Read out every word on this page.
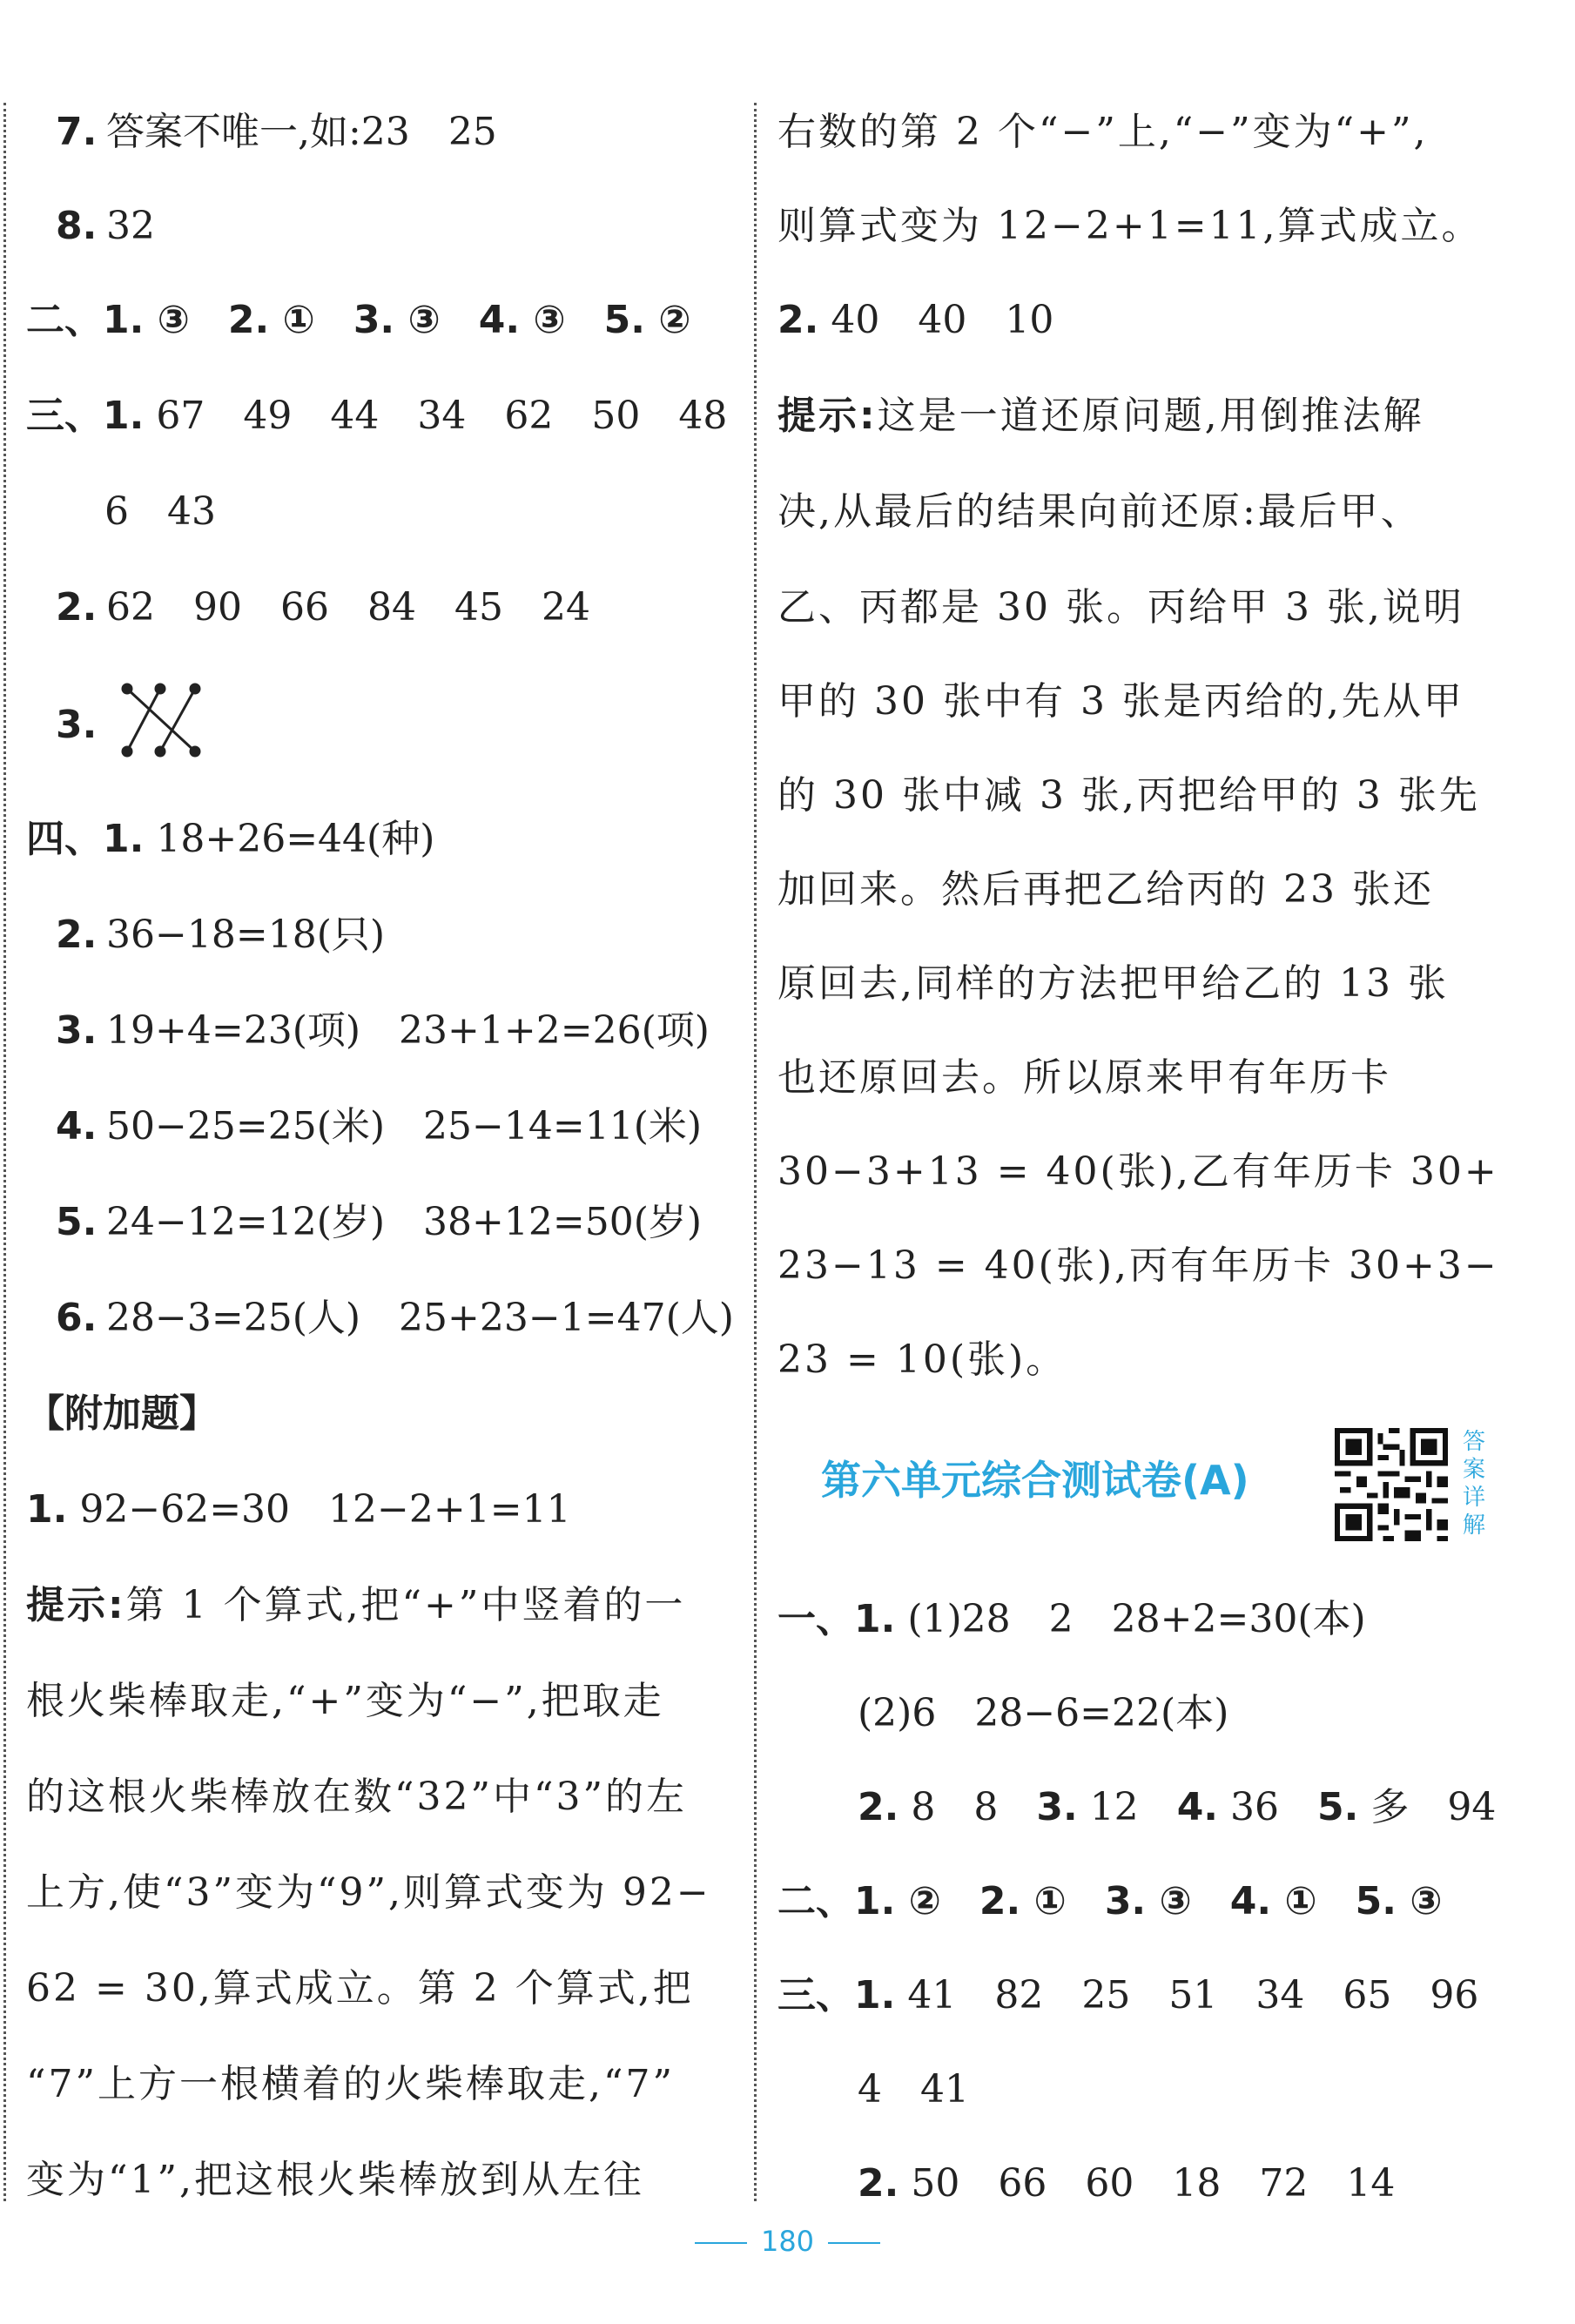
7. 答案不唯一,如:23 25
8. 32
二、1. ③ 2. ① 3. ③ 4. ③ 5. ②
三、1. 67 49 44 34 62 50 48
6 43
2. 62 90 66 84 45 24
3.
四、1. 18+26=44(种)
2. 36−18=18(只)
3. 19+4=23(项) 23+1+2=26(项)
4. 50−25=25(米) 25−14=11(米)
5. 24−12=12(岁) 38+12=50(岁)
6. 28−3=25(人) 25+23−1=47(人)
【附加题】
1. 92−62=30 12−2+1=11
提示:第 1 个算式,把“+”中竖着的一
根火柴棒取走,“+”变为“−”,把取走
的这根火柴棒放在数“32”中“3”的左
上方,使“3”变为“9”,则算式变为 92−
62 = 30,算式成立。第 2 个算式,把
“7”上方一根横着的火柴棒取走,“7”
变为“1”,把这根火柴棒放到从左往
右数的第 2 个“−”上,“−”变为“+”,
则算式变为 12−2+1=11,算式成立。
2. 40 40 10
提示:这是一道还原问题,用倒推法解
决,从最后的结果向前还原:最后甲、
乙、丙都是 30 张。丙给甲 3 张,说明
甲的 30 张中有 3 张是丙给的,先从甲
的 30 张中减 3 张,丙把给甲的 3 张先
加回来。然后再把乙给丙的 23 张还
原回去,同样的方法把甲给乙的 13 张
也还原回去。所以原来甲有年历卡
30−3+13 = 40(张),乙有年历卡 30+
23−13 = 40(张),丙有年历卡 30+3−
23 = 10(张)。
第六单元综合测试卷(A)
答
案
详
解
一、1. (1)28 2 28+2=30(本)
(2)6 28−6=22(本)
2. 8 8 3. 12 4. 36 5. 多 94
二、1. ② 2. ① 3. ③ 4. ① 5. ③
三、1. 41 82 25 51 34 65 96
4 41
2. 50 66 60 18 72 14
180
